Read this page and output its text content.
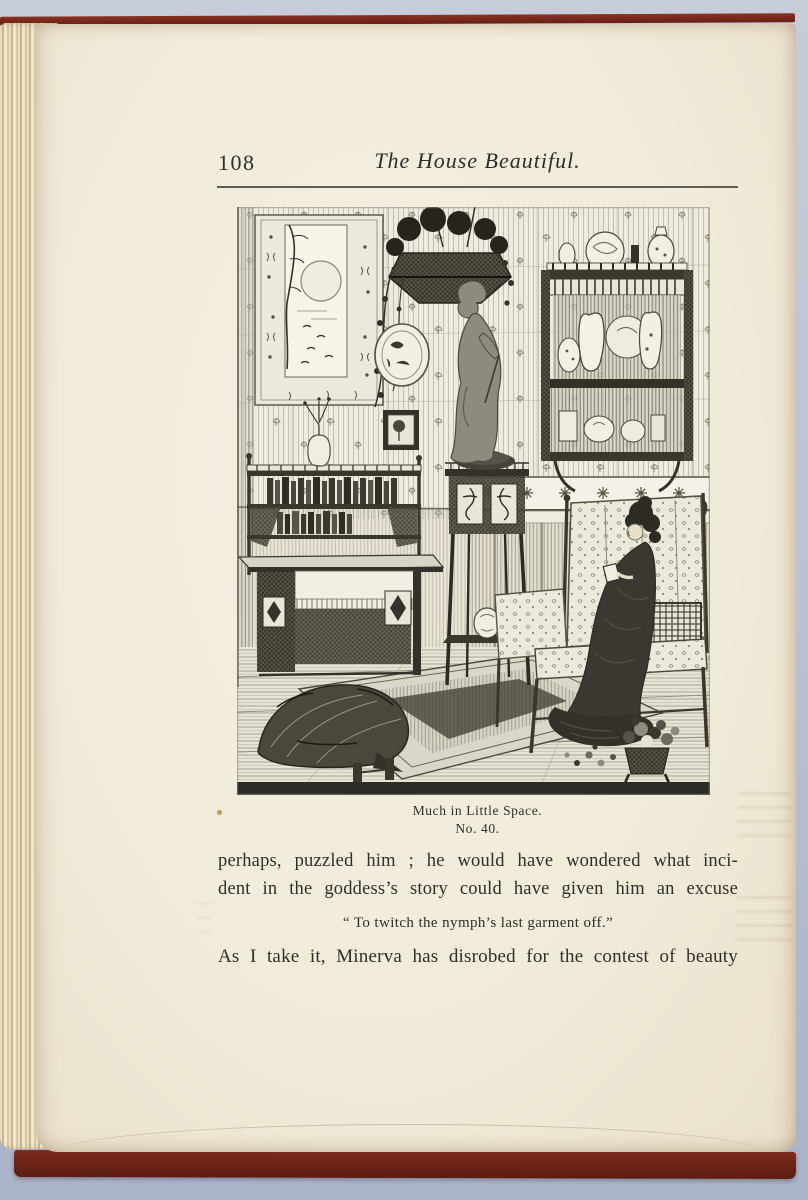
108	The House Beautiful.
Much in Little Space.
No. 40.
perhaps, puzzled him ; he would have wondered what inci-
dent in the goddess’s story could have given him an excuse
“ To twitch the nymph’s last garment off.”
As I take it, Minerva has disrobed for the contest of beauty
